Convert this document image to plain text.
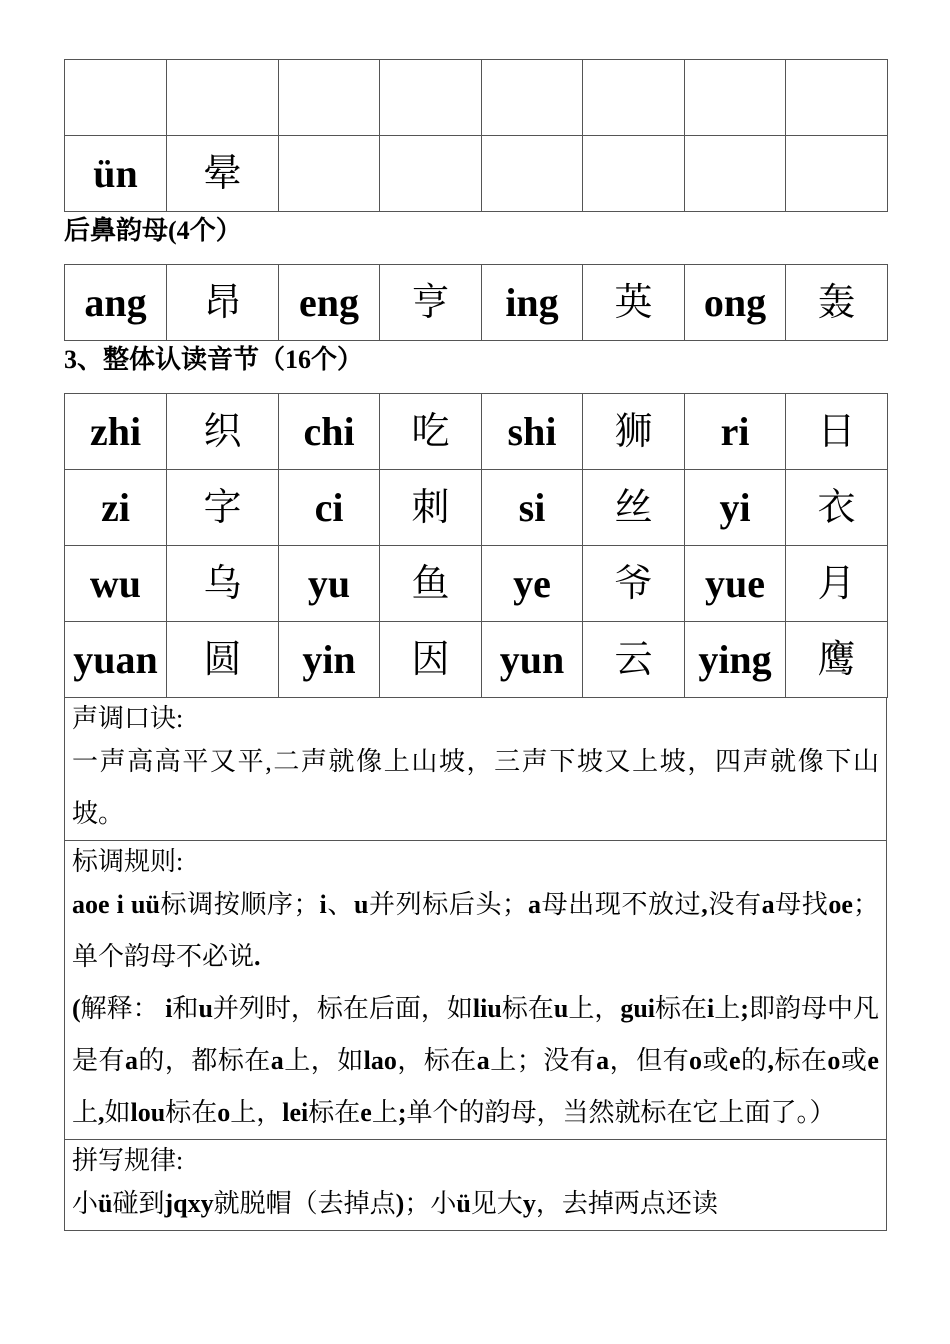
ün	晕						
后鼻韵母(4个）
ang	昂	eng	亨	ing	英	ong	轰
3、整体认读音节（16个）
zhi	织	chi	吃	shi	狮	ri	日
zi	字	ci	刺	si	丝	yi	衣
wu	乌	yu	鱼	ye	爷	yue	月
yuan	圆	yin	因	yun	云	ying	鹰
声调口诀:
一声高高平又平,二声就像上山坡，三声下坡又上坡，四声就像下山坡。
标调规则:
aoe i uü标调按顺序；i、u并列标后头；a母出现不放过,没有a母找oe；单个韵母不必说.
(解释： i和u并列时，标在后面，如liu标在u上，gui标在i上;即韵母中凡是有a的，都标在a上，如lao，标在a上；没有a，但有o或e的,标在o或e上,如lou标在o上，lei标在e上;单个的韵母，当然就标在它上面了。）
拼写规律:
小ü碰到jqxy就脱帽（去掉点)；小ü见大y，去掉两点还读
